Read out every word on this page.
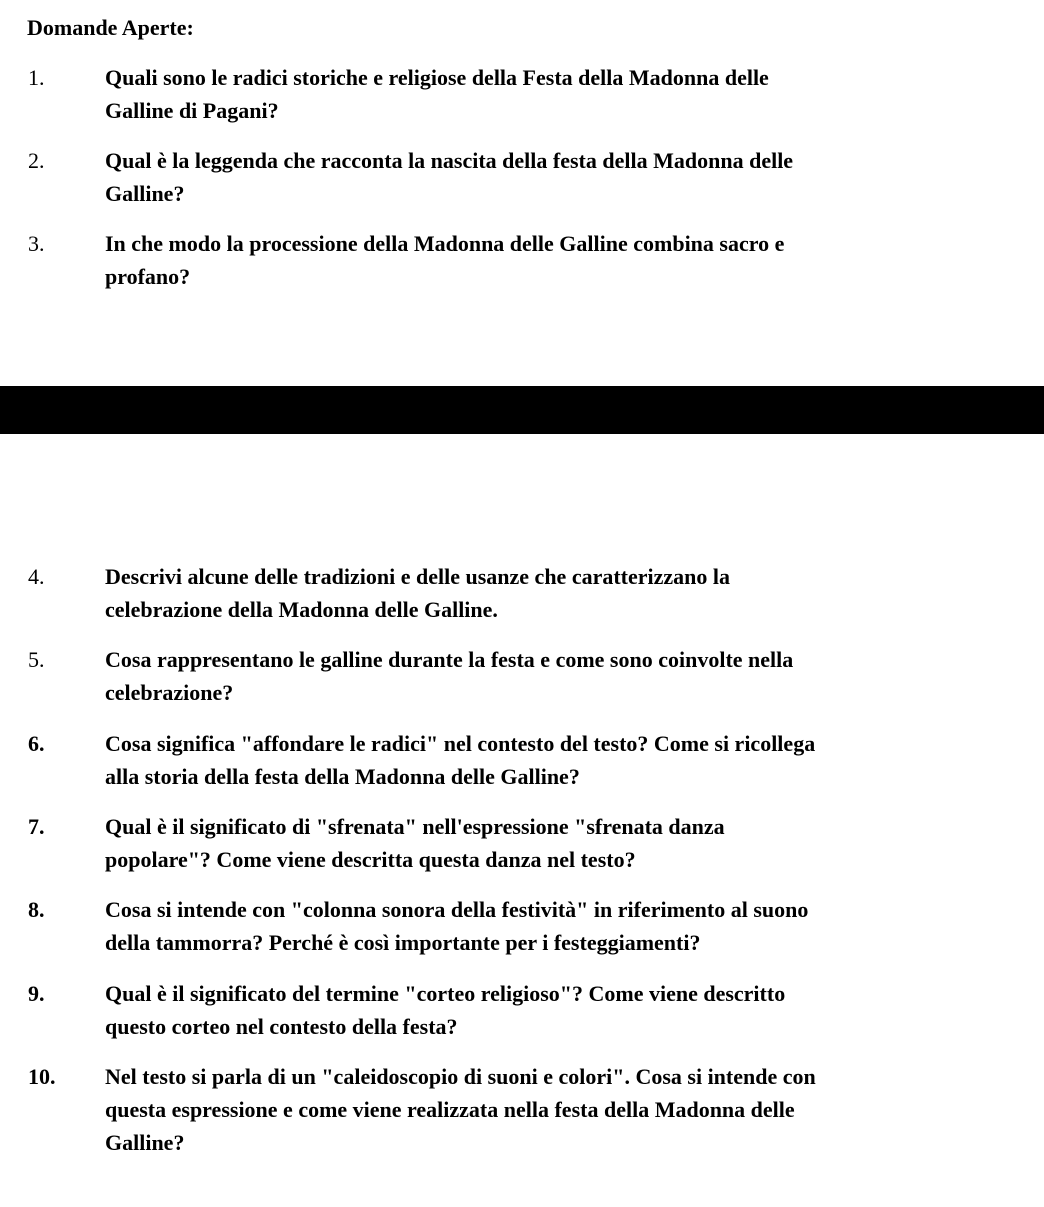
Domande Aperte:
1.	Quali sono le radici storiche e religiose della Festa della Madonna delle
Galline di Pagani?
2.	Qual è la leggenda che racconta la nascita della festa della Madonna delle
Galline?
3.	In che modo la processione della Madonna delle Galline combina sacro e
profano?
4.	Descrivi alcune delle tradizioni e delle usanze che caratterizzano la
celebrazione della Madonna delle Galline.
5.	Cosa rappresentano le galline durante la festa e come sono coinvolte nella
celebrazione?
6.	Cosa significa "affondare le radici" nel contesto del testo? Come si ricollega
alla storia della festa della Madonna delle Galline?
7.	Qual è il significato di "sfrenata" nell'espressione "sfrenata danza
popolare"? Come viene descritta questa danza nel testo?
8.	Cosa si intende con "colonna sonora della festività" in riferimento al suono
della tammorra? Perché è così importante per i festeggiamenti?
9.	Qual è il significato del termine "corteo religioso"? Come viene descritto
questo corteo nel contesto della festa?
10.	Nel testo si parla di un "caleidoscopio di suoni e colori". Cosa si intende con
questa espressione e come viene realizzata nella festa della Madonna delle
Galline?
